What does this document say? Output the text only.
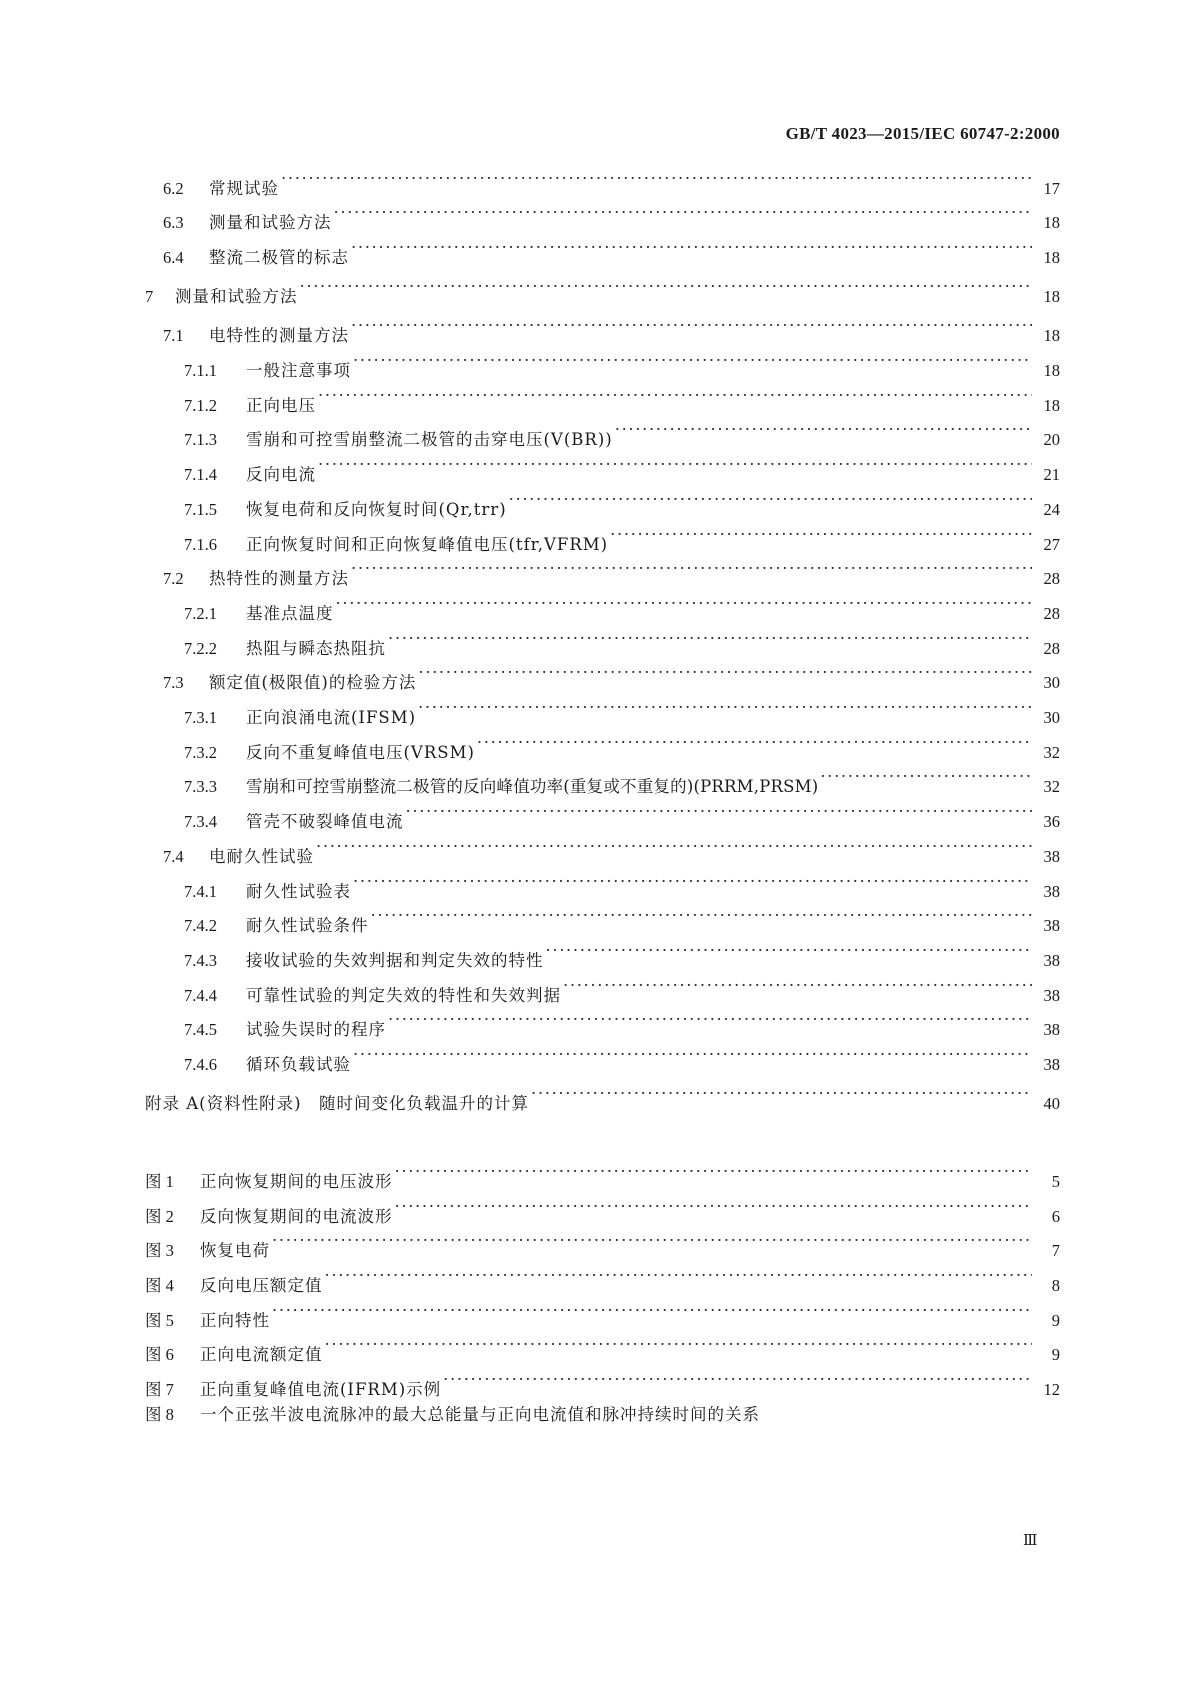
GB/T 4023—2015/IEC 60747-2:2000
6.2	常规试验 ·····	17
6.3	测量和试验方法 ·····	18
6.4	整流二极管的标志 ·····	18
7	测量和试验方法 ·····	18
7.1	电特性的测量方法 ·····	18
7.1.1	一般注意事项 ·····	18
7.1.2	正向电压 ·····	18
7.1.3	雪崩和可控雪崩整流二极管的击穿电压(V(BR)) ·····	20
7.1.4	反向电流 ·····	21
7.1.5	恢复电荷和反向恢复时间(Qr,trr) ·····	24
7.1.6	正向恢复时间和正向恢复峰值电压(tfr,VFRM) ·····	27
7.2	热特性的测量方法 ·····	28
7.2.1	基准点温度 ·····	28
7.2.2	热阻与瞬态热阻抗 ·····	28
7.3	额定值(极限值)的检验方法 ·····	30
7.3.1	正向浪涌电流(IFSM) ·····	30
7.3.2	反向不重复峰值电压(VRSM) ·····	32
7.3.3	雪崩和可控雪崩整流二极管的反向峰值功率(重复或不重复的)(PRRM,PRSM) ·····	32
7.3.4	管壳不破裂峰值电流 ·····	36
7.4	电耐久性试验 ·····	38
7.4.1	耐久性试验表 ·····	38
7.4.2	耐久性试验条件 ·····	38
7.4.3	接收试验的失效判据和判定失效的特性 ·····	38
7.4.4	可靠性试验的判定失效的特性和失效判据 ·····	38
7.4.5	试验失误时的程序 ·····	38
7.4.6	循环负载试验 ·····	38
附录 A(资料性附录)　随时间变化负载温升的计算 ·····	40
图 1	正向恢复期间的电压波形 ·····	5
图 2	反向恢复期间的电流波形 ·····	6
图 3	恢复电荷 ·····	7
图 4	反向电压额定值 ·····	8
图 5	正向特性 ·····	9
图 6	正向电流额定值 ·····	9
图 7	正向重复峰值电流(IFRM)示例 ·····	12
图 8	一个正弦半波电流脉冲的最大总能量与正向电流值和脉冲持续时间的关系
Ⅲ
